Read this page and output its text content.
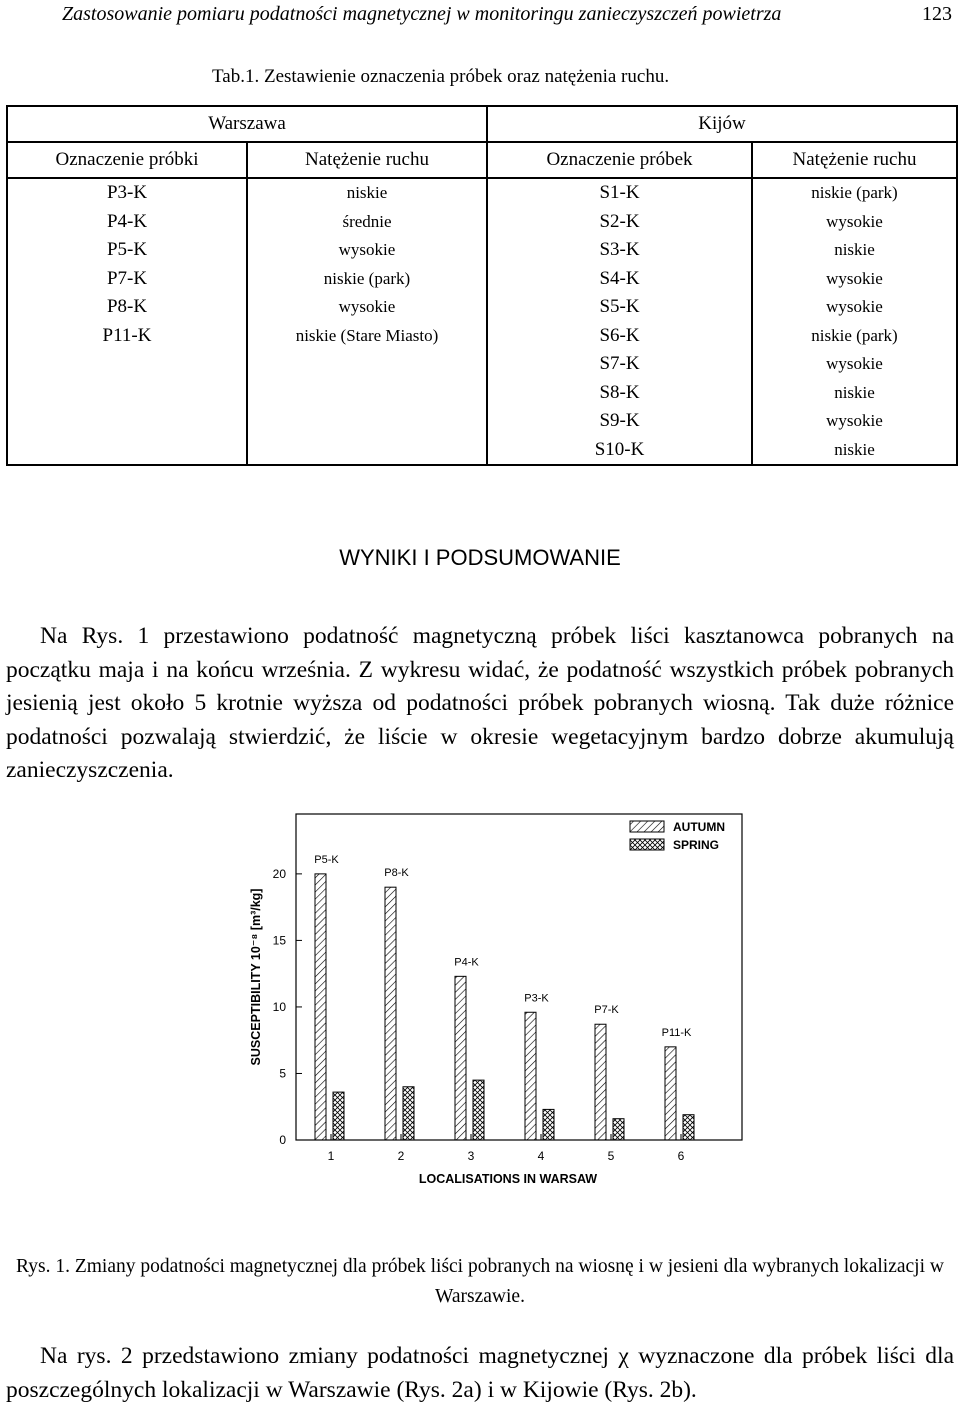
Zastosowanie pomiaru podatności magnetycznej w monitoringu zanieczyszczeń powietrza	123
Tab.1. Zestawienie oznaczenia próbek oraz natężenia ruchu.
Warszawa		Kijów	
Oznaczenie próbki	Natężenie ruchu	Oznaczenie próbek	Natężenie ruchu
P3-K	niskie	S1-K	niskie (park)
P4-K	średnie	S2-K	wysokie
P5-K	wysokie	S3-K	niskie
P7-K	niskie (park)	S4-K	wysokie
P8-K	wysokie	S5-K	wysokie
P11-K	niskie (Stare Miasto)	S6-K	niskie (park)
		S7-K	wysokie
		S8-K	niskie
		S9-K	wysokie
		S10-K	niskie
WYNIKI I PODSUMOWANIE

Na Rys. 1 przestawiono podatność magnetyczną próbek liści kasztanowca pobranych na początku maja i na końcu września. Z wykresu widać, że podatność wszystkich próbek pobranych jesienią jest około 5 krotnie wyższa od podatności próbek pobranych wiosną. Tak duże różnice podatności pozwalają stwierdzić, że liście w okresie wegetacyjnym bardzo dobrze akumulują zanieczyszczenia.

0
5
10
15
20
1	2	3	4	5	6
P5-K
P8-K
P4-K
P3-K
P7-K
P11-K
AUTUMN
SPRING
SUSCEPTIBILITY 10⁻⁸ [m³/kg]
LOCALISATIONS IN WARSAW
Rys. 1. Zmiany podatności magnetycznej dla próbek liści pobranych na wiosnę i w jesieni dla wybranych lokalizacji w Warszawie.

Na rys. 2 przedstawiono zmiany podatności magnetycznej χ wyznaczone dla próbek liści dla poszczególnych lokalizacji w Warszawie (Rys. 2a) i w Kijowie (Rys. 2b).
